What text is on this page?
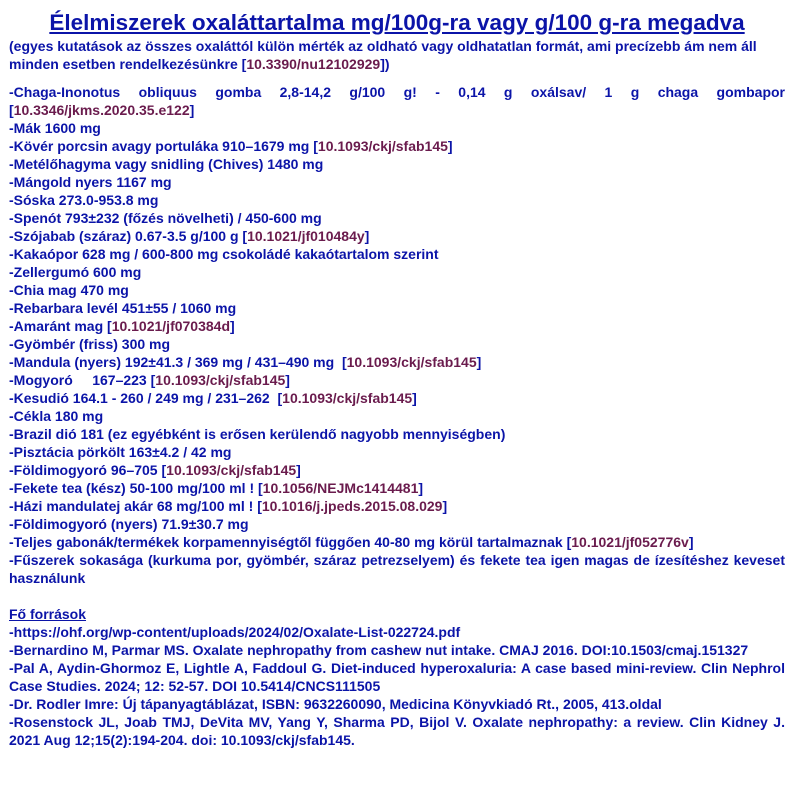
Élelmiszerek oxaláttartalma mg/100g-ra vagy g/100 g-ra megadva
(egyes kutatások az összes oxaláttól külön mérték az oldható vagy oldhatatlan formát, ami precízebb ám nem áll minden esetben rendelkezésünkre [10.3390/nu12102929])
-Chaga-Inonotus obliquus gomba 2,8-14,2 g/100 g! - 0,14 g oxálsav/ 1 g chaga gombapor [10.3346/jkms.2020.35.e122]
-Mák 1600 mg
-Kövér porcsin avagy portuláka 910–1679 mg [10.1093/ckj/sfab145]
-Metélőhagyma vagy snidling (Chives) 1480 mg
-Mángold nyers 1167 mg
-Sóska 273.0-953.8 mg
-Spenót 793±232 (főzés növelheti) / 450-600 mg
-Szójabab (száraz) 0.67-3.5 g/100 g [10.1021/jf010484y]
-Kakaópor 628 mg / 600-800 mg csokoládé kakaótartalom szerint
-Zellergumó 600 mg
-Chia mag 470 mg
-Rebarbara levél 451±55 / 1060 mg
-Amaránt mag [10.1021/jf070384d]
-Gyömbér (friss) 300 mg
-Mandula (nyers) 192±41.3 / 369 mg / 431–490 mg  [10.1093/ckj/sfab145]
-Mogyoró     167–223 [10.1093/ckj/sfab145]
-Kesudió 164.1 - 260 / 249 mg / 231–262  [10.1093/ckj/sfab145]
-Cékla 180 mg
-Brazil dió 181 (ez egyébként is erősen kerülendő nagyobb mennyiségben)
-Pisztácia pörkölt 163±4.2 / 42 mg
-Földimogyoró 96–705 [10.1093/ckj/sfab145]
-Fekete tea (kész) 50-100 mg/100 ml ! [10.1056/NEJMc1414481]
-Házi mandulatej akár 68 mg/100 ml ! [10.1016/j.jpeds.2015.08.029]
-Földimogyoró (nyers) 71.9±30.7 mg
-Teljes gabonák/termékek korpamennyiségtől függően 40-80 mg körül tartalmaznak [10.1021/jf052776v]
-Fűszerek sokasága (kurkuma por, gyömbér, száraz petrezselyem) és fekete tea igen magas de ízesítéshez keveset használunk
Fő források
-https://ohf.org/wp-content/uploads/2024/02/Oxalate-List-022724.pdf
-Bernardino M, Parmar MS. Oxalate nephropathy from cashew nut intake. CMAJ 2016. DOI:10.1503/cmaj.151327
-Pal A, Aydin-Ghormoz E, Lightle A, Faddoul G. Diet-induced hyperoxaluria: A case based mini-review. Clin Nephrol Case Studies. 2024; 12: 52-57. DOI 10.5414/CNCS111505
-Dr. Rodler Imre: Új tápanyagtáblázat, ISBN: 9632260090, Medicina Könyvkiadó Rt., 2005, 413.oldal
-Rosenstock JL, Joab TMJ, DeVita MV, Yang Y, Sharma PD, Bijol V. Oxalate nephropathy: a review. Clin Kidney J. 2021 Aug 12;15(2):194-204. doi: 10.1093/ckj/sfab145.
